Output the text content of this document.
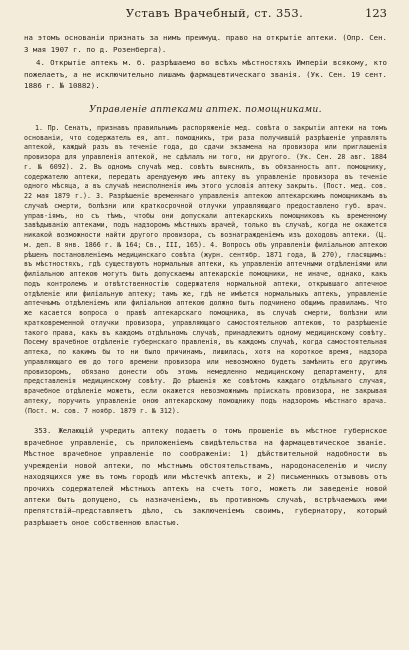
Уставъ Врачебный, ст. 353.	123

на этомъ основаніи признать за нимъ преимущ. право на открытіе аптеки. (Опр. Сен. 3 мая 1907 г. по д. Розенберга).

4. Открытіе аптекъ м. б. разрѣшаемо во всѣхъ мѣстностяхъ Имперіи всякому, кто пожелаетъ, а не исключительно лишамъ фармацевтическаго званія. (Ук. Сен. 19 сент. 1886 г. № 10882).

Управленіе аптеками аптек. помощниками.

1. Пр. Сенатъ, признавъ правильнымъ распоряженіе мед. совѣта о закрытіи аптеки на томъ основаніи, что содержатель ея, апт. помощникъ, три раза получившій разрѣшеніе управлять аптекой, каждый разъ въ теченіе года, до сдачи экзамена на провизора или приглашенія провизора для управленія аптекой, не сдѣлалъ ни того, ни другого. (Ук. Сен. 28 авг. 1884 г. № 6092). 2. Въ одномъ случаѣ мед. совѣтъ выяснилъ, въ обязанность апт. помощнику, содержателю аптеки, передать арендуемую имъ аптеку въ управленіе провизора въ теченіе одного мѣсяца, а въ случаѣ неисполненія имъ этого условія аптеку закрыть. (Пост. мед. сов. 22 мая 1879 г.). 3. Разрѣшеніе временнаго управленія аптекою аптекарскимъ помощникамъ въ случаѣ смерти, болѣзни или краткосрочной отлучки управляющаго предоставлено губ. врач. управ-іямъ, но съ тѣмъ, чтобы они допускали аптекарскихъ помощниковъ къ временному завѣдыванію аптеками, подъ надзоромъ мѣстныхъ врачей, только въ случаѣ, когда не окажется никакой возможности найти другого провизора, съ вознагражденіемъ изъ доходовъ аптеки. (Ц. м. деп. 8 янв. 1866 г. № 164; Св., III, 165). 4. Вопросъ объ управленіи филіальною аптекою рѣшенъ постановленіемъ медицинскаго совѣта (журн. сентябр. 1871 года, № 270), гласящимъ: въ мѣстностяхъ, гдѣ существуютъ нормальныя аптеки, къ управленію аптечными отдѣленіями или филіальною аптекою могутъ быть допускаемы аптекарскіе помощники, не иначе, однако, какъ подъ контролемъ и отвѣтственностію содержателя нормальной аптеки, открывшаго аптечное отдѣленіе или филіальную аптеку; тамъ же, гдѣ не имѣется нормальныхъ аптекъ, управленіе аптечнымъ отдѣленіемъ или филіальною аптекою должно быть подчинено общимъ правиламъ. Что же касается вопроса о правѣ аптекарскаго помощника, въ случаѣ смерти, болѣзни или кратковременной отлучки провизора, управляющаго самостоятельною аптекою, то разрѣшеніе такого права, какъ въ каждомъ отдѣльномъ случаѣ, принадлежитъ одному медицинскому совѣту. Посему врачебное отдѣленіе губернскаго правленія, въ каждомъ случаѣ, когда самостоятельная аптека, по какимъ бы то ни было причинамъ, лишилась, хотя на короткое время, надзора управляющаго ею до того времени провизора или невозможно будетъ замѣнить его другимъ провизоромъ, обязано донести объ этомъ немедленно медицинскому департаменту, для представленія медицинскому совѣту. До рѣшенія же совѣтомъ каждаго отдѣльнаго случая, врачебное отдѣленіе можетъ, если окажется невозможнымъ пріискать провизора, не закрывая аптеку, поручить управленіе оною аптекарскому помощнику подъ надзоромъ мѣстнаго врача. (Пост. м. сов. 7 ноябр. 1879 г. № 312).

353. Желающій учредить аптеку подаетъ о томъ прошеніе въ мѣстное губернское врачебное управленіе, съ приложеніемъ свидѣтельства на фармацевтическое званіе. Мѣстное врачебное управленіе по соображеніи: 1) дѣйствительной надобности въ учрежденіи новой аптеки, по мѣстнымъ обстоятельствамъ, народонаселенію и числу находящихся уже въ томъ городѣ или мѣстечкѣ аптекъ, и 2) письменныхъ отзывовъ отъ прочихъ содержателей мѣстныхъ аптекъ на счетъ того, можетъ ли заведеніе новой аптеки быть допущено, съ назначеніемъ, въ противномъ случаѣ, встрѣчаемыхъ ими препятствій—представляетъ дѣло, съ заключеніемъ своимъ, губернатору, который разрѣшаетъ оное собственною властью.
